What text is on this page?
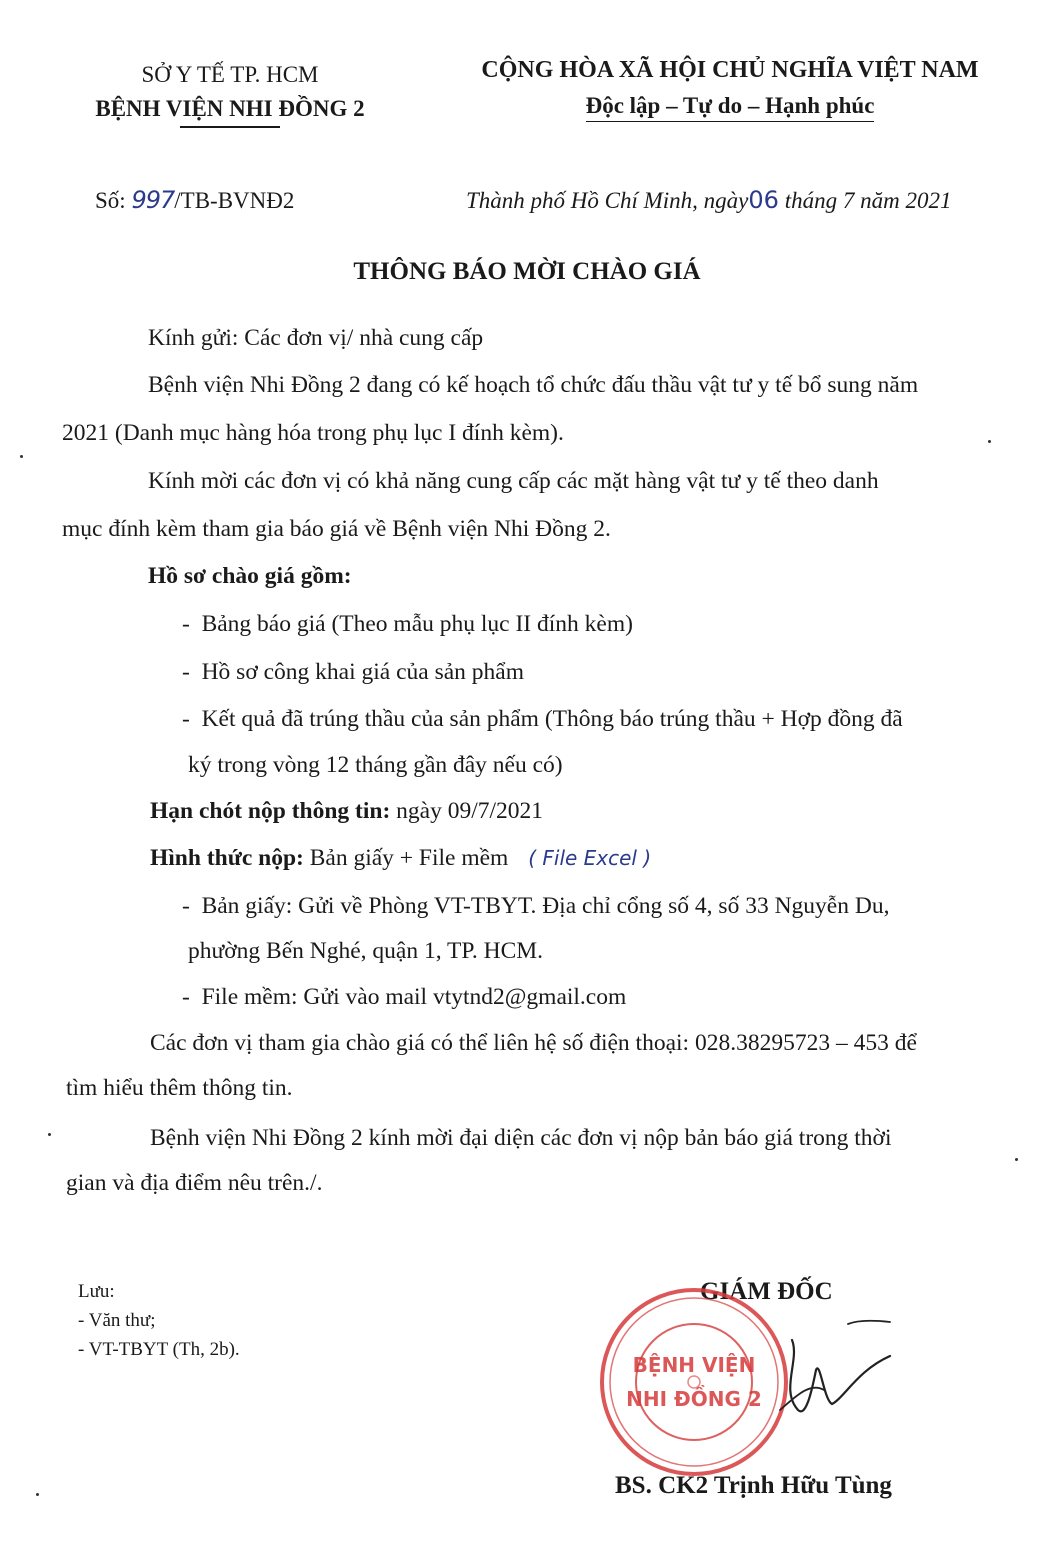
SỞ Y TẾ TP. HCM
BỆNH VIỆN NHI ĐỒNG 2
CỘNG HÒA XÃ HỘI CHỦ NGHĨA VIỆT NAM
Độc lập – Tự do – Hạnh phúc
Số: 997/TB-BVNĐ2	Thành phố Hồ Chí Minh, ngày06 tháng 7 năm 2021
THÔNG BÁO MỜI CHÀO GIÁ
Kính gửi: Các đơn vị/ nhà cung cấp
Bệnh viện Nhi Đồng 2 đang có kế hoạch tổ chức đấu thầu vật tư y tế bổ sung năm
2021 (Danh mục hàng hóa trong phụ lục I đính kèm).
Kính mời các đơn vị có khả năng cung cấp các mặt hàng vật tư y tế theo danh
mục đính kèm tham gia báo giá về Bệnh viện Nhi Đồng 2.
Hồ sơ chào giá gồm:
-  Bảng báo giá (Theo mẫu phụ lục II đính kèm)
-  Hồ sơ công khai giá của sản phẩm
-  Kết quả đã trúng thầu của sản phẩm (Thông báo trúng thầu + Hợp đồng đã
ký trong vòng 12 tháng gần đây nếu có)
Hạn chót nộp thông tin: ngày 09/7/2021
Hình thức nộp: Bản giấy + File mềm ( File Excel )
-  Bản giấy: Gửi về Phòng VT-TBYT. Địa chỉ cổng số 4, số 33 Nguyễn Du,
phường Bến Nghé, quận 1, TP. HCM.
-  File mềm: Gửi vào mail vtytnd2@gmail.com
Các đơn vị tham gia chào giá có thể liên hệ số điện thoại: 028.38295723 – 453 để
tìm hiểu thêm thông tin.
Bệnh viện Nhi Đồng 2 kính mời đại diện các đơn vị nộp bản báo giá trong thời
gian và địa điểm nêu trên./.
Lưu:
- Văn thư;
- VT-TBYT (Th, 2b).
GIÁM ĐỐC
BỆNH VIỆN
NHI ĐỒNG 2
BS. CK2 Trịnh Hữu Tùng
